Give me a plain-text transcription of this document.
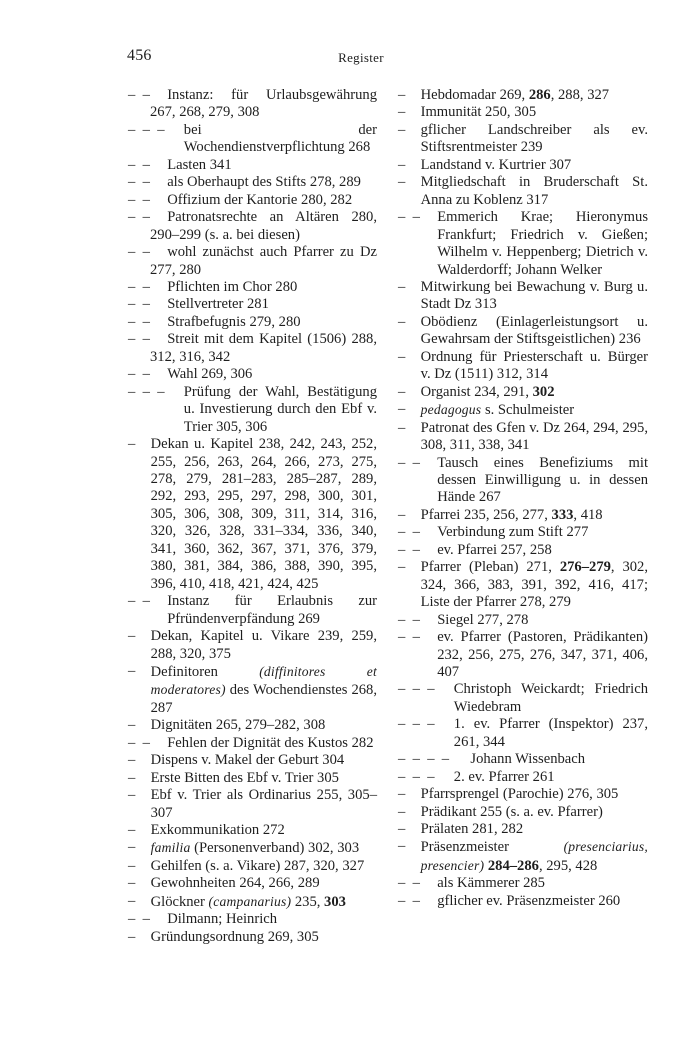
456	Register
–  –	Instanz: für Urlaubsgewährung 267, 268, 279, 308
–  –  – bei der Wochendienstverpflichtung 268
–  –	Lasten 341
–  –	als Oberhaupt des Stifts 278, 289
–  –	Offizium der Kantorie 280, 282
–  –	Patronatsrechte an Altären 280, 290–299 (s. a. bei diesen)
–  –	wohl zunächst auch Pfarrer zu Dz 277, 280
–  –	Pflichten im Chor 280
–  –	Stellvertreter 281
–  –	Strafbefugnis 279, 280
–  –	Streit mit dem Kapitel (1506) 288, 312, 316, 342
–  –	Wahl 269, 306
–  –  – Prüfung der Wahl, Bestätigung u. Investierung durch den Ebf v. Trier 305, 306
– Dekan u. Kapitel 238, 242, 243, 252, 255, 256, 263, 264, 266, 273, 275, 278, 279, 281–283, 285–287, 289, 292, 293, 295, 297, 298, 300, 301, 305, 306, 308, 309, 311, 314, 316, 320, 326, 328, 331–334, 336, 340, 341, 360, 362, 367, 371, 376, 379, 380, 381, 384, 386, 388, 390, 395, 396, 410, 418, 421, 424, 425
–  – Instanz für Erlaubnis zur Pfründenverpfändung 269
– Dekan, Kapitel u. Vikare 239, 259, 288, 320, 375
– Definitoren (diffinitores et moderatores) des Wochendienstes 268, 287
– Dignitäten 265, 279–282, 308
–  – Fehlen der Dignität des Kustos 282
– Dispens v. Makel der Geburt 304
– Erste Bitten des Ebf v. Trier 305
– Ebf v. Trier als Ordinarius 255, 305–307
– Exkommunikation 272
– familia (Personenverband) 302, 303
– Gehilfen (s. a. Vikare) 287, 320, 327
– Gewohnheiten 264, 266, 289
– Glöckner (campanarius) 235, 303
–  –	Dilmann; Heinrich
– Gründungsordnung 269, 305
– Hebdomadar 269, 286, 288, 327
– Immunität 250, 305
– gflicher Landschreiber als ev. Stiftsrentmeister 239
– Landstand v. Kurtrier 307
– Mitgliedschaft in Bruderschaft St. Anna zu Koblenz 317
–  – Emmerich Krae; Hieronymus Frankfurt; Friedrich v. Gießen; Wilhelm v. Heppenberg; Dietrich v. Walderdorff; Johann Welker
– Mitwirkung bei Bewachung v. Burg u. Stadt Dz 313
– Obödienz (Einlagerleistungsort u. Gewahrsam der Stiftsgeistlichen) 236
– Ordnung für Priesterschaft u. Bürger v. Dz (1511) 312, 314
– Organist 234, 291, 302
– pedagogus s. Schulmeister
– Patronat des Gfen v. Dz 264, 294, 295, 308, 311, 338, 341
–  – Tausch eines Benefiziums mit dessen Einwilligung u. in dessen Hände 267
– Pfarrei 235, 256, 277, 333, 418
–  –	Verbindung zum Stift 277
–  –	ev. Pfarrei 257, 258
– Pfarrer (Pleban) 271, 276–279, 302, 324, 366, 383, 391, 392, 416, 417; Liste der Pfarrer 278, 279
–  –	Siegel 277, 278
–  – ev. Pfarrer (Pastoren, Prädikanten) 232, 256, 275, 276, 347, 371, 406, 407
–  –  – Christoph Weickardt; Friedrich Wiedebram
–  –  – 1. ev. Pfarrer (Inspektor) 237, 261, 344
–  –  –  –	Johann Wissenbach
–  –  –	2. ev. Pfarrer 261
– Pfarrsprengel (Parochie) 276, 305
– Prädikant 255 (s. a. ev. Pfarrer)
– Prälaten 281, 282
– Präsenzmeister (presenciarius, presencier) 284–286, 295, 428
–  –	als Kämmerer 285
–  –	gflicher ev. Präsenzmeister 260
